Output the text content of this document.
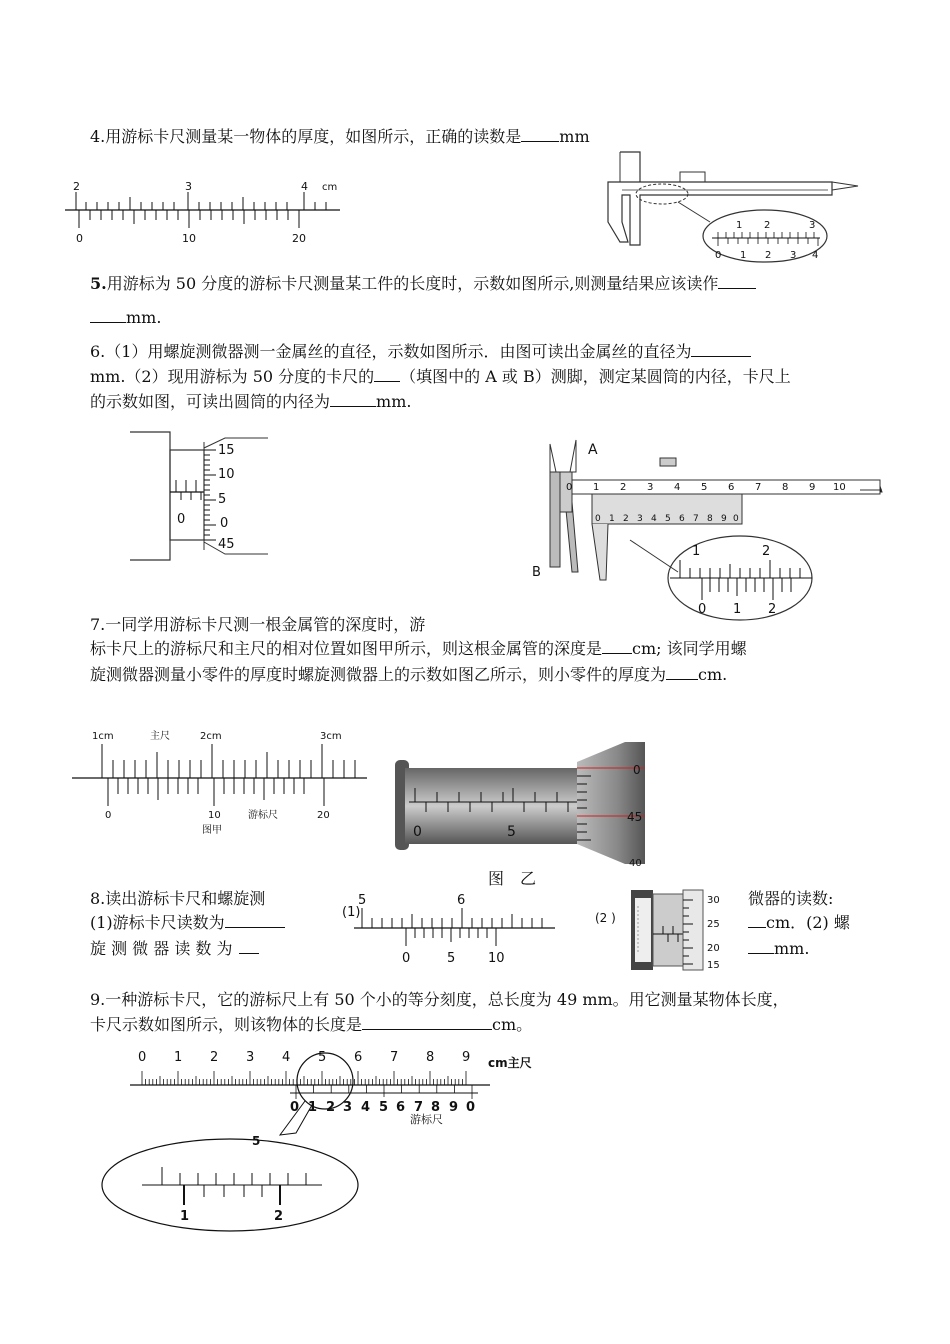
4.用游标卡尺测量某一物体的厚度，如图所示，正确的读数是 mm
2	3	4 cm
0	10	20
1 2	3
0 1 2 3 4
5.用游标为 50 分度的游标卡尺测量某工件的长度时，示数如图所示,则测量结果应该读作
mm.
6.（1）用螺旋测微器测一金属丝的直径，示数如图所示．由图可读出金属丝的直径为
mm.（2）现用游标为 50 分度的卡尺的 （填图中的 A 或 B）测脚，测定某圆筒的内径，卡尺上
的示数如图，可读出圆筒的内径为	mm.
15
10
5
0
45
0
A
B
0 1 2 3 4 5 6 7 8 9 10
0 1 2 3 4 5 6 7 8 9 0
1	2
0 1 2
7.一同学用游标卡尺测一根金属管的深度时，游
标卡尺上的游标尺和主尺的相对位置如图甲所示，则这根金属管的深度是 cm; 该同学用螺
旋测微器测量小零件的厚度时螺旋测微器上的示数如图乙所示，则小零件的厚度为 cm.
1cm	主尺	2cm	3cm
0	10	游标尺	20
图甲	0	5
0
45
40
图　乙
8.读出游标卡尺和螺旋测
(1)游标卡尺读数为
旋 测 微 器 读 数 为
微器的读数:
cm．(2) 螺
mm.
(1)
5	6
0	5	10
(2 )
30
25
20
15
9.一种游标卡尺，它的游标尺上有 50 个小的等分刻度，总长度为 49 mm。用它测量某物体长度，
卡尺示数如图所示，则该物体的长度是	cm。
0 1 2 3 4 5 6 7 8 9 cm主尺
0 1 2 3 4 5 6 7 8 9 0
游标尺
5
1	2
